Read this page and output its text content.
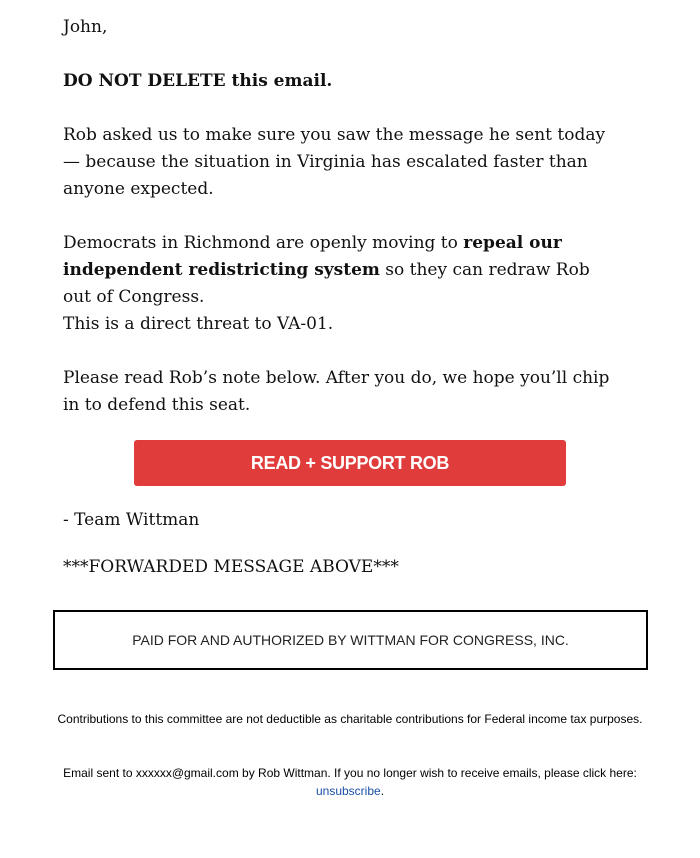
John,

DO NOT DELETE this email.

Rob asked us to make sure you saw the message he sent today — because the situation in Virginia has escalated faster than anyone expected.

Democrats in Richmond are openly moving to repeal our independent redistricting system so they can redraw Rob out of Congress.
This is a direct threat to VA-01.

Please read Rob’s note below. After you do, we hope you’ll chip in to defend this seat.

READ + SUPPORT ROB
- Team Wittman
***FORWARDED MESSAGE ABOVE***
PAID FOR AND AUTHORIZED BY WITTMAN FOR CONGRESS, INC.
Contributions to this committee are not deductible as charitable contributions for Federal income tax purposes.
Email sent to xxxxxx@gmail.com by Rob Wittman. If you no longer wish to receive emails, please click here:
unsubscribe.
